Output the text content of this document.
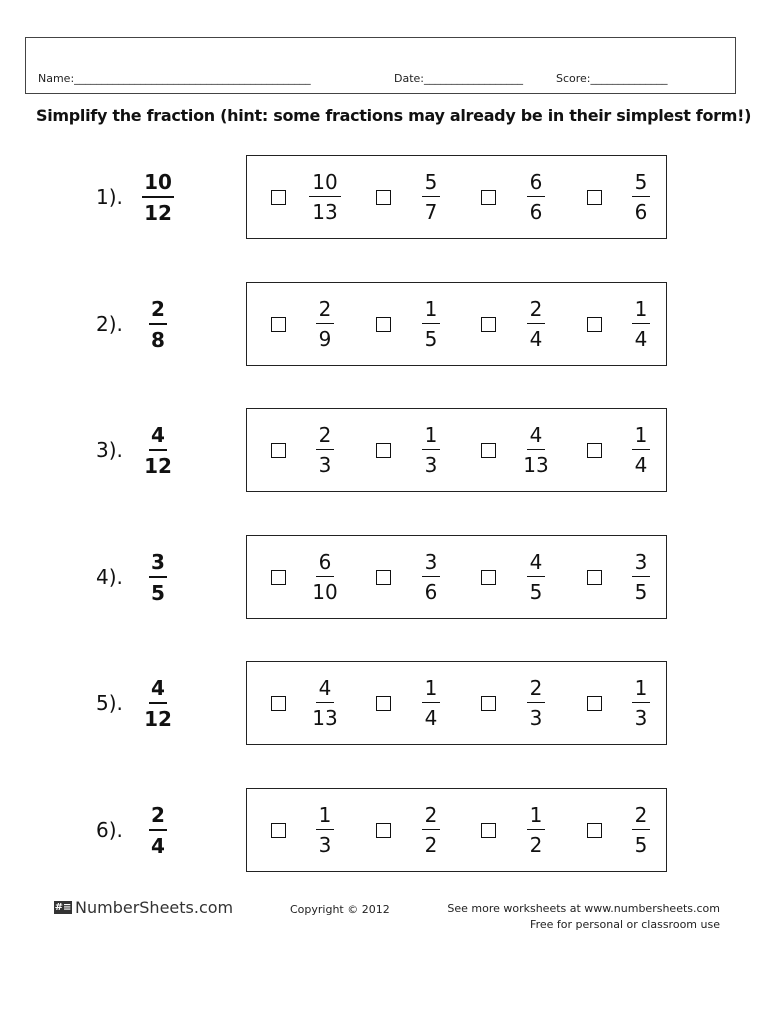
Name:___________________________________________	Date:__________________	Score:______________
Simplify the fraction (hint: some fractions may already be in their simplest form!)
1). $\frac{10}{12}$	$\frac{10}{13}$	$\frac{5}{7}$	$\frac{6}{6}$	$\frac{5}{6}$
2). $\frac{2}{8}$	$\frac{2}{9}$	$\frac{1}{5}$	$\frac{2}{4}$	$\frac{1}{4}$
3). $\frac{4}{12}$	$\frac{2}{3}$	$\frac{1}{3}$	$\frac{4}{13}$	$\frac{1}{4}$
4). $\frac{3}{5}$	$\frac{6}{10}$	$\frac{3}{6}$	$\frac{4}{5}$	$\frac{3}{5}$
5). $\frac{4}{12}$	$\frac{4}{13}$	$\frac{1}{4}$	$\frac{2}{3}$	$\frac{1}{3}$
6). $\frac{2}{4}$	$\frac{1}{3}$	$\frac{2}{2}$	$\frac{1}{2}$	$\frac{2}{5}$
#≡ NumberSheets.com	Copyright © 2012	See more worksheets at www.numbersheets.com
Free for personal or classroom use
